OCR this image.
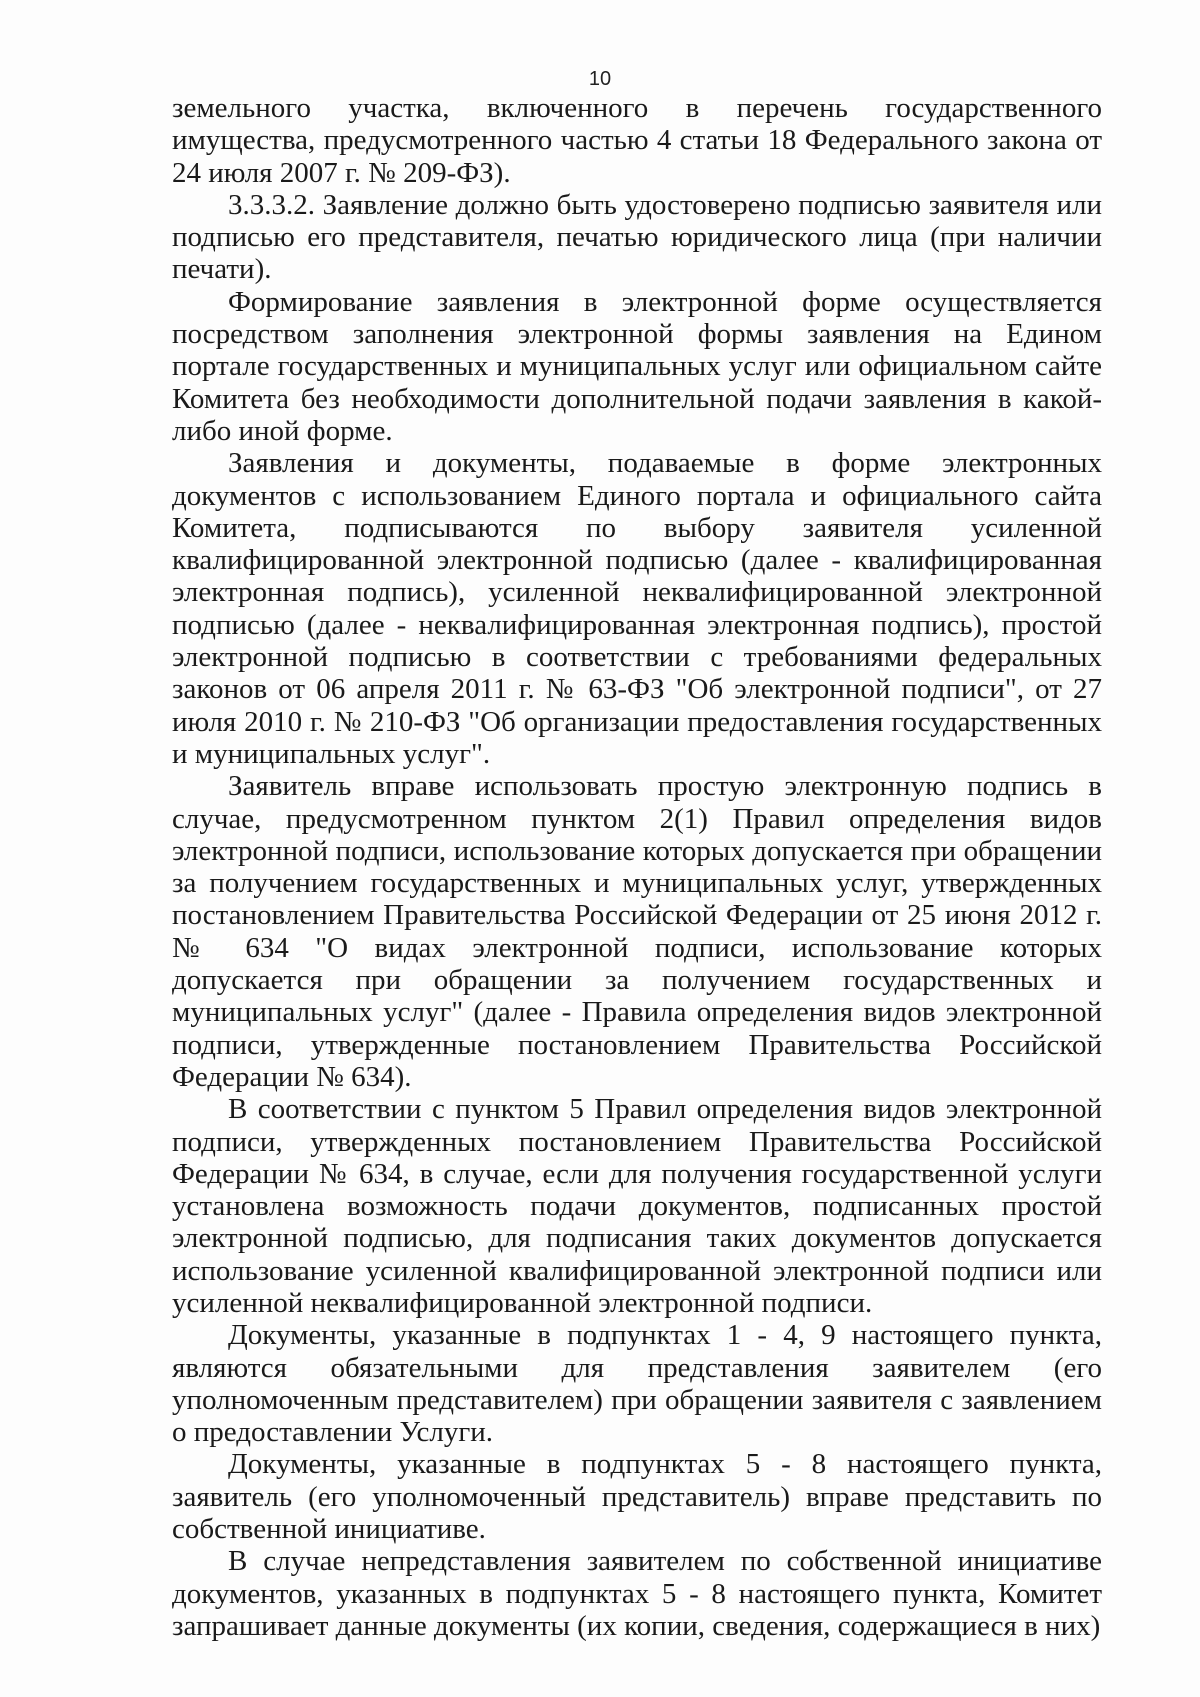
10

земельного участка, включенного в перечень государственного имущества, предусмотренного частью 4 статьи 18 Федерального закона от 24 июля 2007 г. № 209-ФЗ).

3.3.3.2. Заявление должно быть удостоверено подписью заявителя или подписью его представителя, печатью юридического лица (при наличии печати).

Формирование заявления в электронной форме осуществляется посредством заполнения электронной формы заявления на Едином портале государственных и муниципальных услуг или официальном сайте Комитета без необходимости дополнительной подачи заявления в какой-либо иной форме.

Заявления и документы, подаваемые в форме электронных документов с использованием Единого портала и официального сайта Комитета, подписываются по выбору заявителя усиленной квалифицированной электронной подписью (далее - квалифицированная электронная подпись), усиленной неквалифицированной электронной подписью (далее - неквалифицированная электронная подпись), простой электронной подписью в соответствии с требованиями федеральных законов от 06 апреля 2011 г. № 63-ФЗ "Об электронной подписи", от 27 июля 2010 г. № 210-ФЗ "Об организации предоставления государственных и муниципальных услуг".

Заявитель вправе использовать простую электронную подпись в случае, предусмотренном пунктом 2(1) Правил определения видов электронной подписи, использование которых допускается при обращении за получением государственных и муниципальных услуг, утвержденных постановлением Правительства Российской Федерации от 25 июня 2012 г. № 634 "О видах электронной подписи, использование которых допускается при обращении за получением государственных и муниципальных услуг" (далее - Правила определения видов электронной подписи, утвержденные постановлением Правительства Российской Федерации № 634).

В соответствии с пунктом 5 Правил определения видов электронной подписи, утвержденных постановлением Правительства Российской Федерации № 634, в случае, если для получения государственной услуги установлена возможность подачи документов, подписанных простой электронной подписью, для подписания таких документов допускается использование усиленной квалифицированной электронной подписи или усиленной неквалифицированной электронной подписи.

Документы, указанные в подпунктах 1 - 4, 9 настоящего пункта, являются обязательными для представления заявителем (его уполномоченным представителем) при обращении заявителя с заявлением о предоставлении Услуги.

Документы, указанные в подпунктах 5 - 8 настоящего пункта, заявитель (его уполномоченный представитель) вправе представить по собственной инициативе.

В случае непредставления заявителем по собственной инициативе документов, указанных в подпунктах 5 - 8 настоящего пункта, Комитет запрашивает данные документы (их копии, сведения, содержащиеся в них)
